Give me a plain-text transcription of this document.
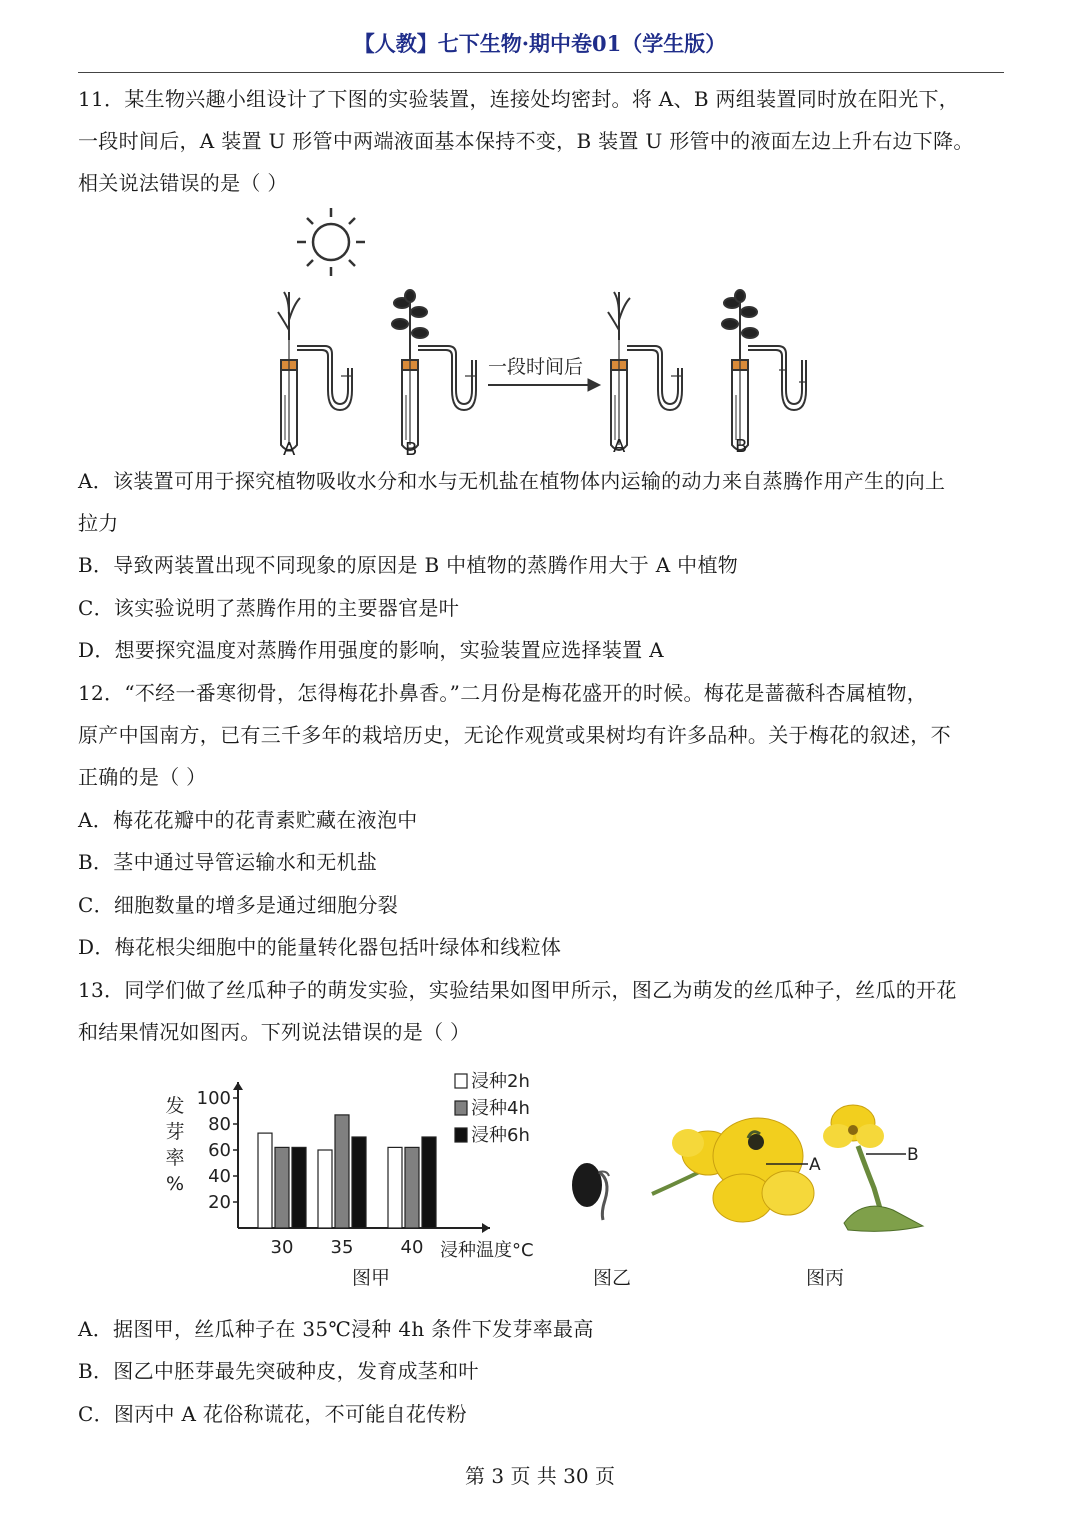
【人教】七下生物·期中卷01（学生版）
11．某生物兴趣小组设计了下图的实验装置，连接处均密封。将 A、B 两组装置同时放在阳光下，
一段时间后，A 装置 U 形管中两端液面基本保持不变，B 装置 U 形管中的液面左边上升右边下降。
相关说法错误的是（ ）
一段时间后
A	B	A	B
A．该装置可用于探究植物吸收水分和水与无机盐在植物体内运输的动力来自蒸腾作用产生的向上
拉力
B．导致两装置出现不同现象的原因是 B 中植物的蒸腾作用大于 A 中植物
C．该实验说明了蒸腾作用的主要器官是叶
D．想要探究温度对蒸腾作用强度的影响，实验装置应选择装置 A
12．“不经一番寒彻骨，怎得梅花扑鼻香。”二月份是梅花盛开的时候。梅花是蔷薇科杏属植物，
原产中国南方，已有三千多年的栽培历史，无论作观赏或果树均有许多品种。关于梅花的叙述，不
正确的是（ ）
A．梅花花瓣中的花青素贮藏在液泡中
B．茎中通过导管运输水和无机盐
C．细胞数量的增多是通过细胞分裂
D．梅花根尖细胞中的能量转化器包括叶绿体和线粒体
13．同学们做了丝瓜种子的萌发实验，实验结果如图甲所示，图乙为萌发的丝瓜种子，丝瓜的开花
和结果情况如图丙。下列说法错误的是（ ）
100
80
60
40
20
发
芽
率
%
30 35	40 浸种温度°C
浸种2h
浸种4h
浸种6h
图甲	图乙
A	B
图丙
A．据图甲，丝瓜种子在 35℃浸种 4h 条件下发芽率最高
B．图乙中胚芽最先突破种皮，发育成茎和叶
C．图丙中 A 花俗称谎花，不可能自花传粉
第 3 页 共 30 页
